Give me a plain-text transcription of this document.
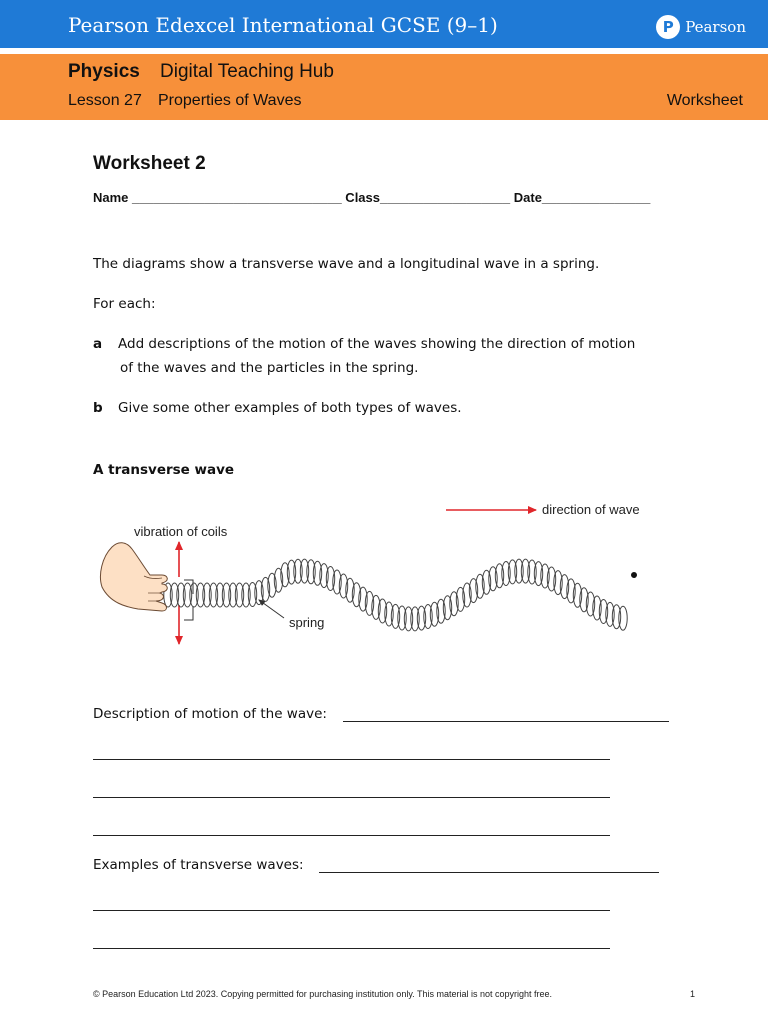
Pearson Edexcel International GCSE (9–1)	P Pearson
Physics Digital Teaching Hub
Lesson 27 Properties of Waves	Worksheet
Worksheet 2
Name _____________________________ Class__________________ Date_______________
The diagrams show a transverse wave and a longitudinal wave in a spring.
For each:
a Add descriptions of the motion of the waves showing the direction of motion
of the waves and the particles in the spring.
b Give some other examples of both types of waves.
A transverse wave
direction of wave
vibration of coils
spring
Description of motion of the wave:
Examples of transverse waves:
© Pearson Education Ltd 2023. Copying permitted for purchasing institution only. This material is not copyright free.	1
